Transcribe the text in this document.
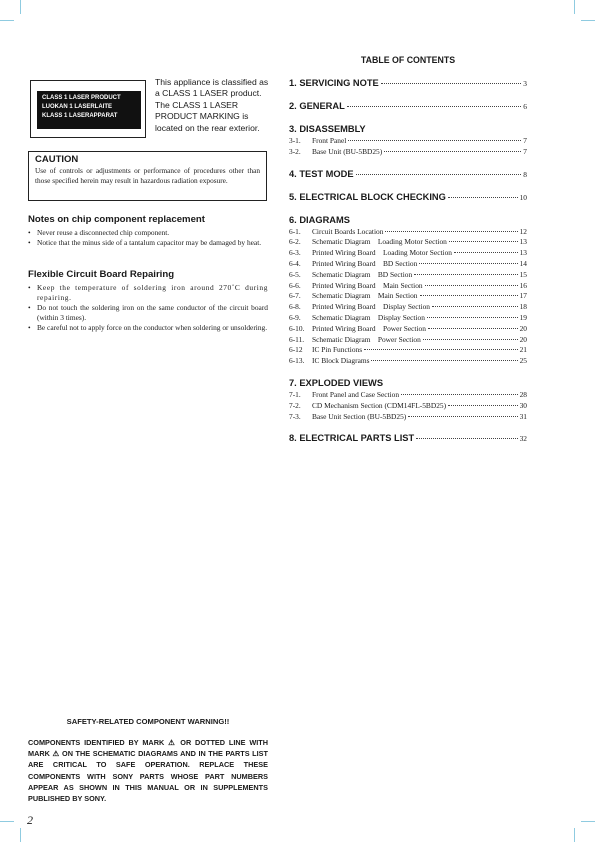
CLASS 1 LASER PRODUCT
LUOKAN 1 LASERLAITE
KLASS 1 LASERAPPARAT
This appliance is classified as a CLASS 1 LASER product. The CLASS 1 LASER PRODUCT MARKING is located on the rear exterior.
CAUTION
Use of controls or adjustments or performance of procedures other than those specified herein may result in hazardous radiation exposure.
Notes on chip component replacement
• Never reuse a disconnected chip component.
• Notice that the minus side of a tantalum capacitor may be damaged by heat.
Flexible Circuit Board Repairing
• Keep the temperature of soldering iron around 270˚C during repairing.
• Do not touch the soldering iron on the same conductor of the circuit board (within 3 times).
• Be careful not to apply force on the conductor when soldering or unsoldering.
SAFETY-RELATED COMPONENT WARNING!!
COMPONENTS IDENTIFIED BY MARK ⚠ OR DOTTED LINE WITH MARK ⚠ ON THE SCHEMATIC DIAGRAMS AND IN THE PARTS LIST ARE CRITICAL TO SAFE OPERATION. REPLACE THESE COMPONENTS WITH SONY PARTS WHOSE PART NUMBERS APPEAR AS SHOWN IN THIS MANUAL OR IN SUPPLEMENTS PUBLISHED BY SONY.
2
TABLE OF CONTENTS
1. SERVICING NOTE	3
2. GENERAL	6
3. DISASSEMBLY
3-1.	Front Panel	7
3-2.	Base Unit (BU-5BD25)	7
4. TEST MODE	8
5. ELECTRICAL BLOCK CHECKING	10
6. DIAGRAMS
6-1.	Circuit Boards Location	12
6-2.	Schematic Diagram    Loading Motor Section	13
6-3.	Printed Wiring Board    Loading Motor Section	13
6-4.	Printed Wiring Board    BD Section	14
6-5.	Schematic Diagram    BD Section	15
6-6.	Printed Wiring Board    Main Section	16
6-7.	Schematic Diagram    Main Section	17
6-8.	Printed Wiring Board    Display Section	18
6-9.	Schematic Diagram    Display Section	19
6-10.	Printed Wiring Board    Power Section	20
6-11.	Schematic Diagram    Power Section	20
6-12	IC Pin Functions	21
6-13.	IC Block Diagrams	25
7. EXPLODED VIEWS
7-1.	Front Panel and Case Section	28
7-2.	CD Mechanism Section (CDM14FL-5BD25)	30
7-3.	Base Unit Section (BU-5BD25)	31
8. ELECTRICAL PARTS LIST	32
